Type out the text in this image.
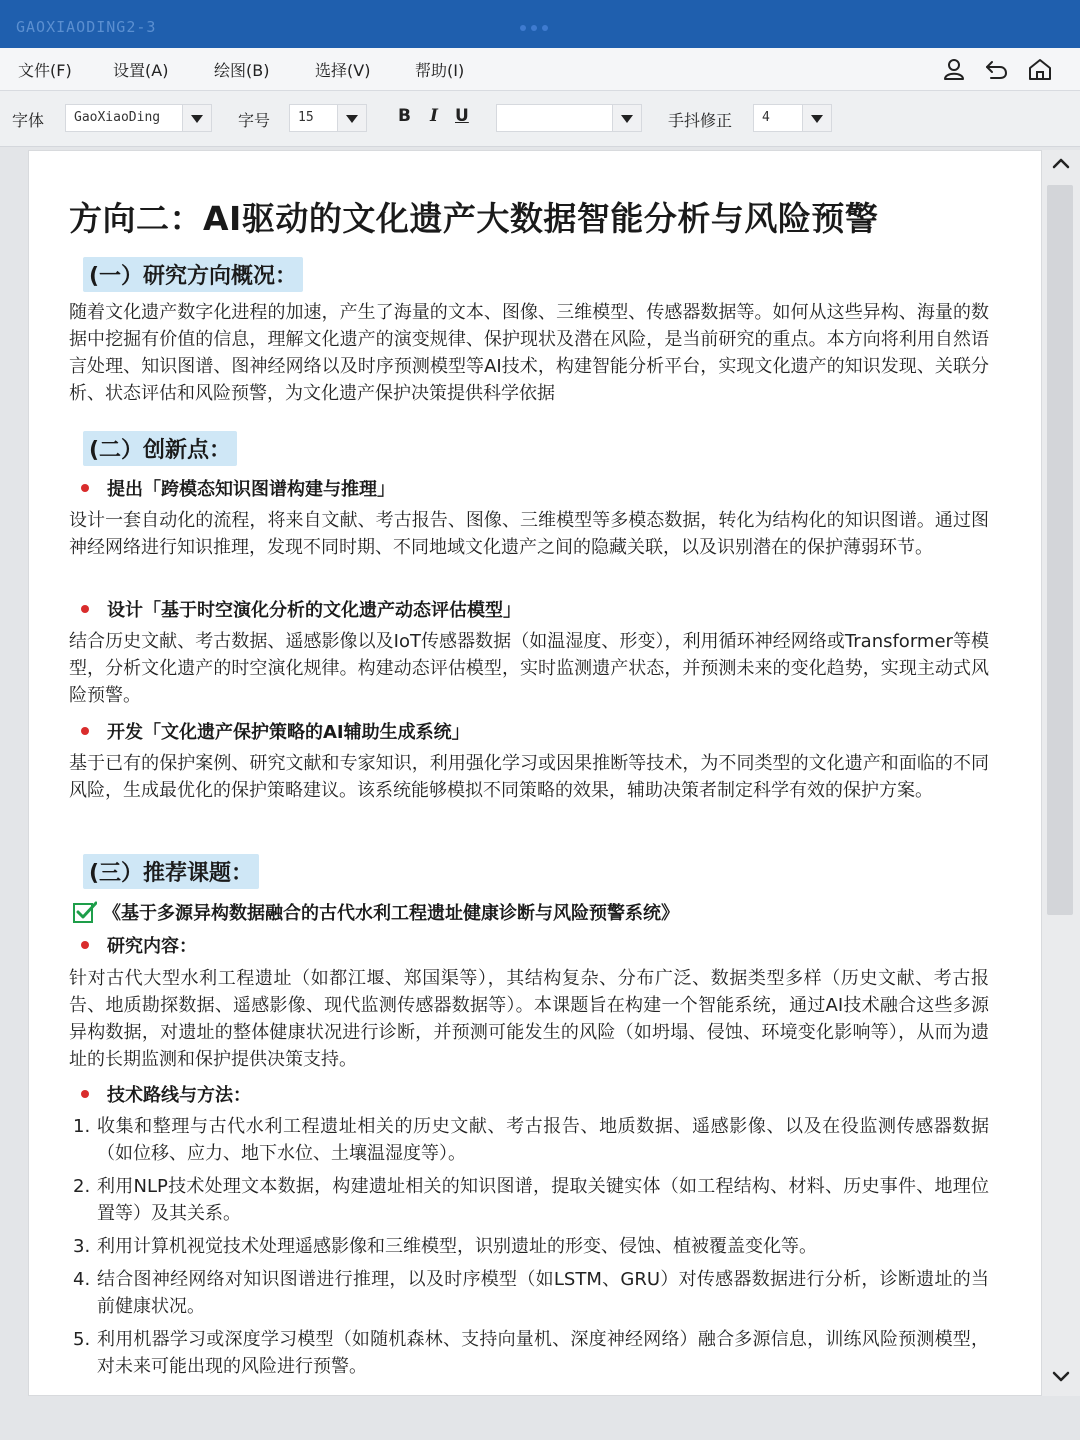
GAOXIAODING2-3
文件(F)	设置(A)	绘图(B)	选择(V)	帮助(I)
字体 GaoXiaoDing	字号 15	B I U	手抖修正 4
方向二：AI驱动的文化遗产大数据智能分析与风险预警
(一）研究方向概况：
随着文化遗产数字化进程的加速，产生了海量的文本、图像、三维模型、传感器数据等。如何从这些异构、海量的数据中挖掘有价值的信息，理解文化遗产的演变规律、保护现状及潜在风险，是当前研究的重点。本方向将利用自然语言处理、知识图谱、图神经网络以及时序预测模型等AI技术，构建智能分析平台，实现文化遗产的知识发现、关联分析、状态评估和风险预警，为文化遗产保护决策提供科学依据
(二）创新点：
提出「跨模态知识图谱构建与推理」
设计一套自动化的流程，将来自文献、考古报告、图像、三维模型等多模态数据，转化为结构化的知识图谱。通过图神经网络进行知识推理，发现不同时期、不同地域文化遗产之间的隐藏关联，以及识别潜在的保护薄弱环节。
设计「基于时空演化分析的文化遗产动态评估模型」
结合历史文献、考古数据、遥感影像以及IoT传感器数据（如温湿度、形变），利用循环神经网络或Transformer等模型，分析文化遗产的时空演化规律。构建动态评估模型，实时监测遗产状态，并预测未来的变化趋势，实现主动式风险预警。
开发「文化遗产保护策略的AI辅助生成系统」
基于已有的保护案例、研究文献和专家知识，利用强化学习或因果推断等技术，为不同类型的文化遗产和面临的不同风险，生成最优化的保护策略建议。该系统能够模拟不同策略的效果，辅助决策者制定科学有效的保护方案。
(三）推荐课题：
《基于多源异构数据融合的古代水利工程遗址健康诊断与风险预警系统》
研究内容：
针对古代大型水利工程遗址（如都江堰、郑国渠等），其结构复杂、分布广泛、数据类型多样（历史文献、考古报告、地质勘探数据、遥感影像、现代监测传感器数据等）。本课题旨在构建一个智能系统，通过AI技术融合这些多源异构数据，对遗址的整体健康状况进行诊断，并预测可能发生的风险（如坍塌、侵蚀、环境变化影响等），从而为遗址的长期监测和保护提供决策支持。
技术路线与方法：
1. 收集和整理与古代水利工程遗址相关的历史文献、考古报告、地质数据、遥感影像、以及在役监测传感器数据（如位移、应力、地下水位、土壤温湿度等）。
2. 利用NLP技术处理文本数据，构建遗址相关的知识图谱，提取关键实体（如工程结构、材料、历史事件、地理位置等）及其关系。
3. 利用计算机视觉技术处理遥感影像和三维模型，识别遗址的形变、侵蚀、植被覆盖变化等。
4. 结合图神经网络对知识图谱进行推理，以及时序模型（如LSTM、GRU）对传感器数据进行分析，诊断遗址的当前健康状况。
5. 利用机器学习或深度学习模型（如随机森林、支持向量机、深度神经网络）融合多源信息，训练风险预测模型，对未来可能出现的风险进行预警。
